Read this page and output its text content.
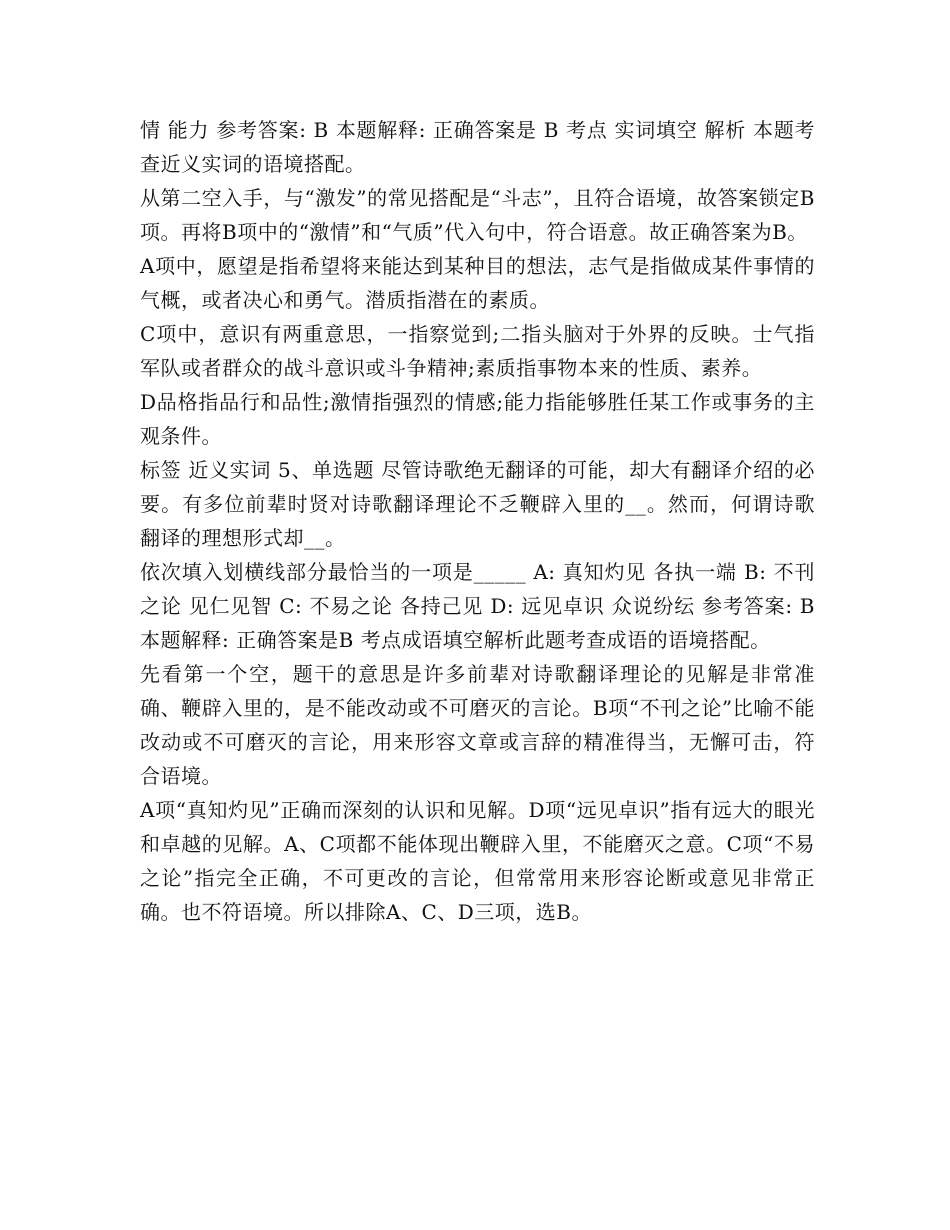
情 能力 参考答案: B 本题解释: 正确答案是 B 考点 实词填空 解析 本题考查近义实词的语境搭配。

从第二空入手，与“激发”的常见搭配是“斗志”，且符合语境，故答案锁定B项。再将B项中的“激情”和“气质”代入句中，符合语意。故正确答案为B。

A项中，愿望是指希望将来能达到某种目的想法，志气是指做成某件事情的气概，或者决心和勇气。潜质指潜在的素质。

C项中，意识有两重意思，一指察觉到;二指头脑对于外界的反映。士气指军队或者群众的战斗意识或斗争精神;素质指事物本来的性质、素养。

D品格指品行和品性;激情指强烈的情感;能力指能够胜任某工作或事务的主观条件。

标签 近义实词 5、单选题 尽管诗歌绝无翻译的可能，却大有翻译介绍的必要。有多位前辈时贤对诗歌翻译理论不乏鞭辟入里的__。然而，何谓诗歌翻译的理想形式却__。

依次填入划横线部分最恰当的一项是_____ A: 真知灼见 各执一端 B: 不刊之论 见仁见智 C: 不易之论 各持己见 D: 远见卓识 众说纷纭 参考答案: B 本题解释: 正确答案是B 考点成语填空解析此题考查成语的语境搭配。

先看第一个空，题干的意思是许多前辈对诗歌翻译理论的见解是非常准确、鞭辟入里的，是不能改动或不可磨灭的言论。B项“不刊之论”比喻不能改动或不可磨灭的言论，用来形容文章或言辞的精准得当，无懈可击，符合语境。

A项“真知灼见”正确而深刻的认识和见解。D项“远见卓识”指有远大的眼光和卓越的见解。A、C项都不能体现出鞭辟入里，不能磨灭之意。C项“不易之论”指完全正确，不可更改的言论，但常常用来形容论断或意见非常正确。也不符语境。所以排除A、C、D三项，选B。
